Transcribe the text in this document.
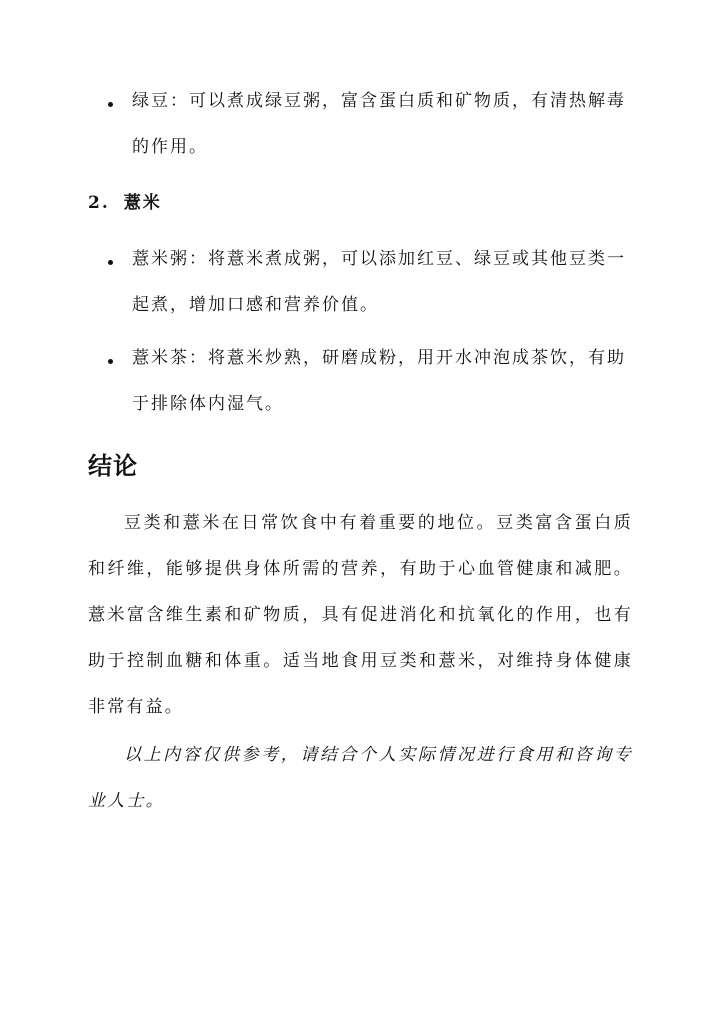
绿豆：可以煮成绿豆粥，富含蛋白质和矿物质，有清热解毒的作用。
2. 薏米
薏米粥：将薏米煮成粥，可以添加红豆、绿豆或其他豆类一起煮，增加口感和营养价值。
薏米茶：将薏米炒熟，研磨成粉，用开水冲泡成茶饮，有助于排除体内湿气。
结论
豆类和薏米在日常饮食中有着重要的地位。豆类富含蛋白质和纤维，能够提供身体所需的营养，有助于心血管健康和减肥。薏米富含维生素和矿物质，具有促进消化和抗氧化的作用，也有助于控制血糖和体重。适当地食用豆类和薏米，对维持身体健康非常有益。
以上内容仅供参考，请结合个人实际情况进行食用和咨询专业人士。
